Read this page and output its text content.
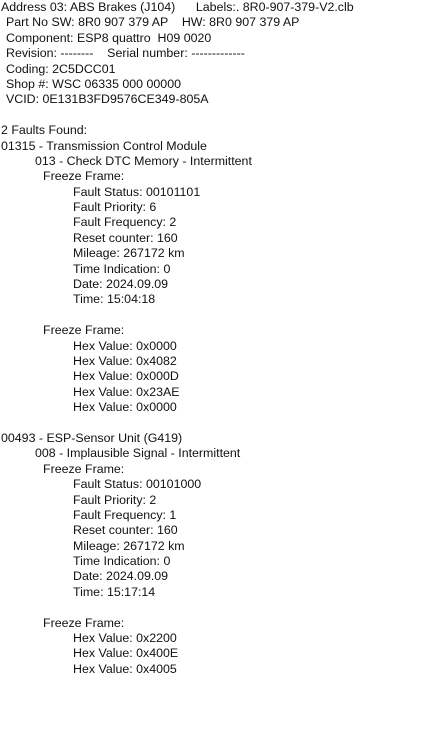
Address 03: ABS Brakes (J104)      Labels:. 8R0-907-379-V2.clb
Part No SW: 8R0 907 379 AP    HW: 8R0 907 379 AP
Component: ESP8 quattro  H09 0020
Revision: --------    Serial number: -------------
Coding: 2C5DCC01
Shop #: WSC 06335 000 00000
VCID: 0E131B3FD9576CE349-805A
2 Faults Found:
01315 - Transmission Control Module
013 - Check DTC Memory - Intermittent
Freeze Frame:
Fault Status: 00101101
Fault Priority: 6
Fault Frequency: 2
Reset counter: 160
Mileage: 267172 km
Time Indication: 0
Date: 2024.09.09
Time: 15:04:18
Freeze Frame:
Hex Value: 0x0000
Hex Value: 0x4082
Hex Value: 0x000D
Hex Value: 0x23AE
Hex Value: 0x0000
00493 - ESP-Sensor Unit (G419)
008 - Implausible Signal - Intermittent
Freeze Frame:
Fault Status: 00101000
Fault Priority: 2
Fault Frequency: 1
Reset counter: 160
Mileage: 267172 km
Time Indication: 0
Date: 2024.09.09
Time: 15:17:14
Freeze Frame:
Hex Value: 0x2200
Hex Value: 0x400E
Hex Value: 0x4005
